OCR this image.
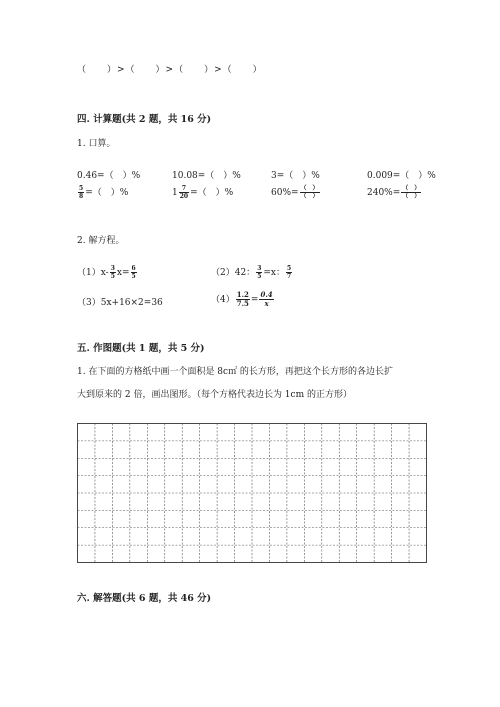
（　　）>（　　）>（　　）>（　　）
四. 计算题(共 2 题，共 16 分)
1. 口算。
0.46=（　）%	10.08=（　）%	3=（　）%	0.009=（　）%
$\frac{5}{8}$ =（　）%	$1 \frac{7}{20}$ =（　）%	$60\%= \frac{( )}{( )}$	$240\%= \frac{( )}{( )}$
2. 解方程。
$(1)x- \frac{3}{5} x= \frac{6}{5}$	（2）42： $\frac{3}{5} =x$： $\frac{5}{7}$
（3）5x+16×2=36	$(4) \frac{1.2}{7.5} = \frac{0.4}{x}$
五. 作图题(共 1 题，共 5 分)
1. 在下面的方格纸中画一个面积是 8c㎡ 的长方形，再把这个长方形的各边长扩
大到原来的 2 倍，画出图形。（每个方格代表边长为 1cm 的正方形）
六. 解答题(共 6 题，共 46 分)
